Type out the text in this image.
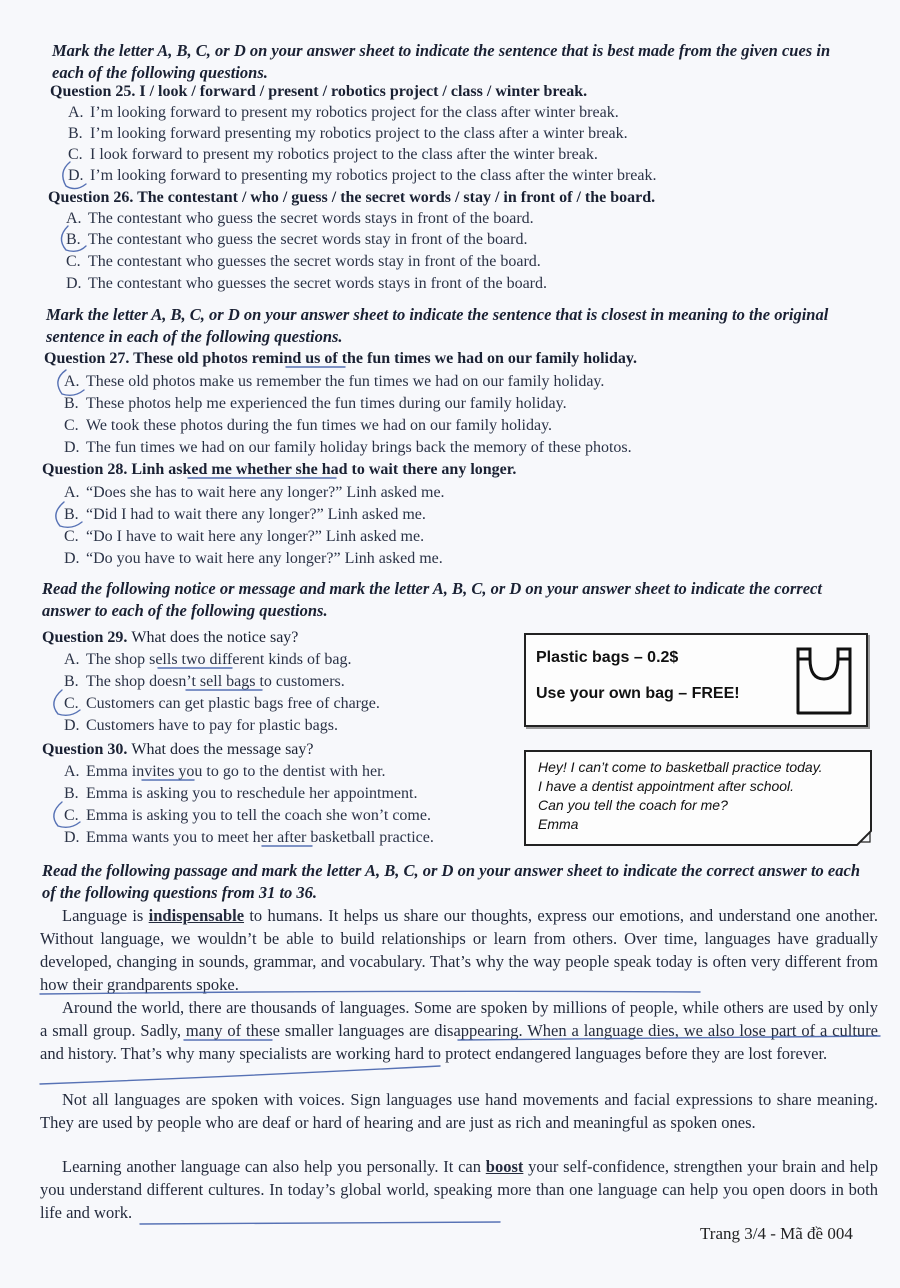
Mark the letter A, B, C, or D on your answer sheet to indicate the sentence that is best made from the given cues in each of the following questions.
Question 25. I / look / forward / present / robotics project / class / winter break.
A. I’m looking forward to present my robotics project for the class after winter break.
B. I’m looking forward presenting my robotics project to the class after a winter break.
C. I look forward to present my robotics project to the class after the winter break.
D. I’m looking forward to presenting my robotics project to the class after the winter break.
Question 26. The contestant / who / guess / the secret words / stay / in front of / the board.
A. The contestant who guess the secret words stays in front of the board.
B. The contestant who guess the secret words stay in front of the board.
C. The contestant who guesses the secret words stay in front of the board.
D. The contestant who guesses the secret words stays in front of the board.
Mark the letter A, B, C, or D on your answer sheet to indicate the sentence that is closest in meaning to the original sentence in each of the following questions.
Question 27. These old photos remind us of the fun times we had on our family holiday.
A. These old photos make us remember the fun times we had on our family holiday.
B. These photos help me experienced the fun times during our family holiday.
C. We took these photos during the fun times we had on our family holiday.
D. The fun times we had on our family holiday brings back the memory of these photos.
Question 28. Linh asked me whether she had to wait there any longer.
A. “Does she has to wait here any longer?” Linh asked me.
B. “Did I had to wait there any longer?” Linh asked me.
C. “Do I have to wait here any longer?” Linh asked me.
D. “Do you have to wait here any longer?” Linh asked me.
Read the following notice or message and mark the letter A, B, C, or D on your answer sheet to indicate the correct answer to each of the following questions.
Question 29. What does the notice say?
A. The shop sells two different kinds of bag.
B. The shop doesn’t sell bags to customers.
C. Customers can get plastic bags free of charge.
D. Customers have to pay for plastic bags.
Plastic bags – 0.2$
Use your own bag – FREE!
Question 30. What does the message say?
A. Emma invites you to go to the dentist with her.
B. Emma is asking you to reschedule her appointment.
C. Emma is asking you to tell the coach she won’t come.
D. Emma wants you to meet her after basketball practice.
Hey! I can’t come to basketball practice today.
I have a dentist appointment after school.
Can you tell the coach for me?
Emma
Read the following passage and mark the letter A, B, C, or D on your answer sheet to indicate the correct answer to each of the following questions from 31 to 36.
Language is indispensable to humans. It helps us share our thoughts, express our emotions, and understand one another. Without language, we wouldn’t be able to build relationships or learn from others. Over time, languages have gradually developed, changing in sounds, grammar, and vocabulary. That’s why the way people speak today is often very different from how their grandparents spoke.
Around the world, there are thousands of languages. Some are spoken by millions of people, while others are used by only a small group. Sadly, many of these smaller languages are disappearing. When a language dies, we also lose part of a culture and history. That’s why many specialists are working hard to protect endangered languages before they are lost forever.
Not all languages are spoken with voices. Sign languages use hand movements and facial expressions to share meaning. They are used by people who are deaf or hard of hearing and are just as rich and meaningful as spoken ones.
Learning another language can also help you personally. It can boost your self-confidence, strengthen your brain and help you understand different cultures. In today’s global world, speaking more than one language can help you open doors in both life and work.
Trang 3/4 - Mã đề 004
